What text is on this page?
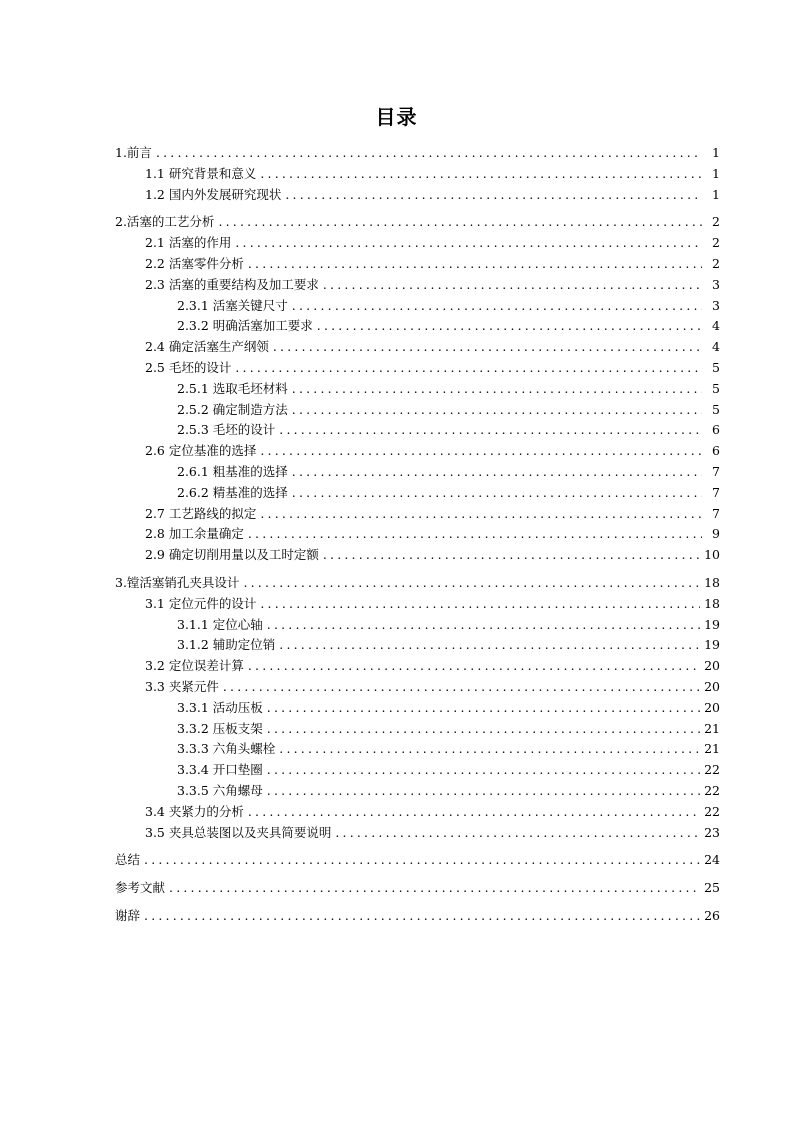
目录
1.前言 .....	1
1.1 研究背景和意义 .....	1
1.2 国内外发展研究现状 .....	1
2.活塞的工艺分析 .....	2
2.1 活塞的作用 .....	2
2.2 活塞零件分析 .....	2
2.3 活塞的重要结构及加工要求 .....	3
2.3.1 活塞关键尺寸 .....	3
2.3.2 明确活塞加工要求 .....	4
2.4 确定活塞生产纲领 .....	4
2.5 毛坯的设计 .....	5
2.5.1 选取毛坯材料 .....	5
2.5.2 确定制造方法 .....	5
2.5.3 毛坯的设计 .....	6
2.6 定位基准的选择 .....	6
2.6.1 粗基准的选择 .....	7
2.6.2 精基准的选择 .....	7
2.7 工艺路线的拟定 .....	7
2.8 加工余量确定 .....	9
2.9 确定切削用量以及工时定额 .....	10
3.镗活塞销孔夹具设计 .....	18
3.1 定位元件的设计 .....	18
3.1.1 定位心轴 .....	19
3.1.2 辅助定位销 .....	19
3.2 定位误差计算 .....	20
3.3 夹紧元件 .....	20
3.3.1 活动压板 .....	20
3.3.2 压板支架 .....	21
3.3.3 六角头螺栓 .....	21
3.3.4 开口垫圈 .....	22
3.3.5 六角螺母 .....	22
3.4 夹紧力的分析 .....	22
3.5 夹具总装图以及夹具简要说明 .....	23
总结 .....	24
参考文献 .....	25
谢辞 .....	26
